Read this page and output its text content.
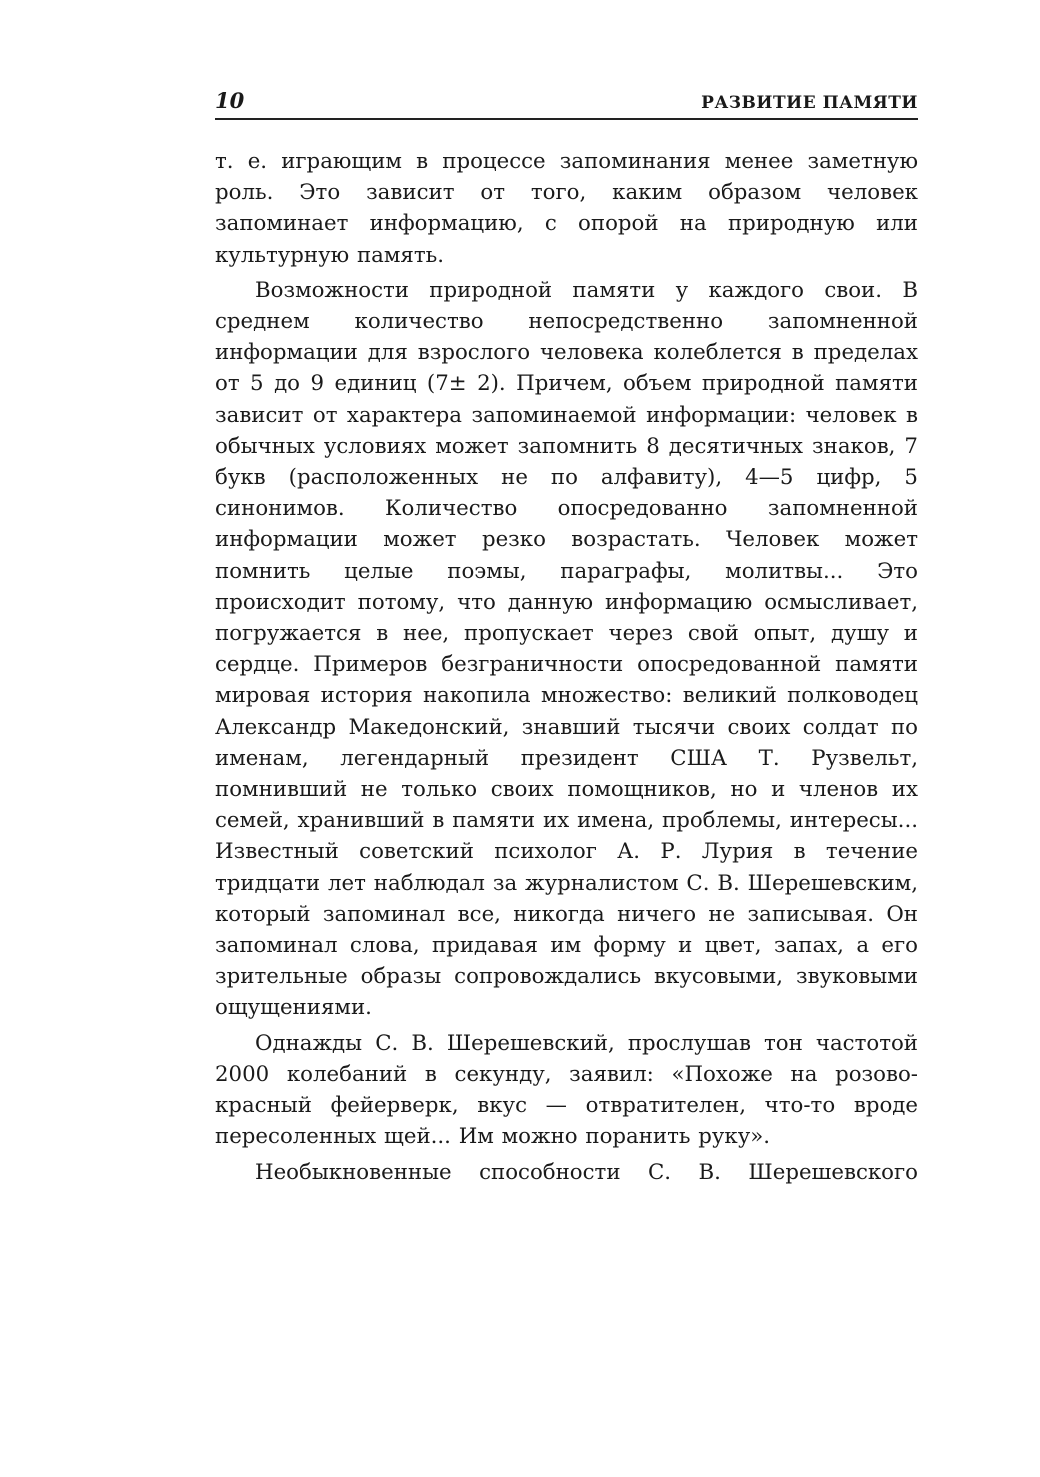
10	РАЗВИТИЕ ПАМЯТИ

т. е. играющим в процессе запоминания менее заметную роль. Это зависит от того, каким образом человек запоминает информацию, с опорой на природную или культурную память.

Возможности природной памяти у каждого свои. В среднем количество непосредственно запомненной информации для взрослого человека колеблется в пределах от 5 до 9 единиц (7± 2). Причем, объем природной памяти зависит от характера запоминаемой информации: человек в обычных условиях может запомнить 8 десятичных знаков, 7 букв (расположенных не по алфавиту), 4—5 цифр, 5 синонимов. Количество опосредованно запомненной информации может резко возрастать. Человек может помнить целые поэмы, параграфы, молитвы... Это происходит потому, что данную информацию осмысливает, погружается в нее, пропускает через свой опыт, душу и сердце. Примеров безграничности опосредованной памяти мировая история накопила множество: великий полководец Александр Македонский, знавший тысячи своих солдат по именам, легендарный президент США Т. Рузвельт, помнивший не только своих помощников, но и членов их семей, хранивший в памяти их имена, проблемы, интересы... Известный советский психолог А. Р. Лурия в течение тридцати лет наблюдал за журналистом С. В. Шерешевским, который запоминал все, никогда ничего не записывая. Он запоминал слова, придавая им форму и цвет, запах, а его зрительные образы сопровождались вкусовыми, звуковыми ощущениями.

Однажды С. В. Шерешевский, прослушав тон частотой 2000 колебаний в секунду, заявил: «Похоже на розово-красный фейерверк, вкус — отвратителен, что-то вроде пересоленных щей... Им можно поранить руку».

Необыкновенные способности С. В. Шерешевского
